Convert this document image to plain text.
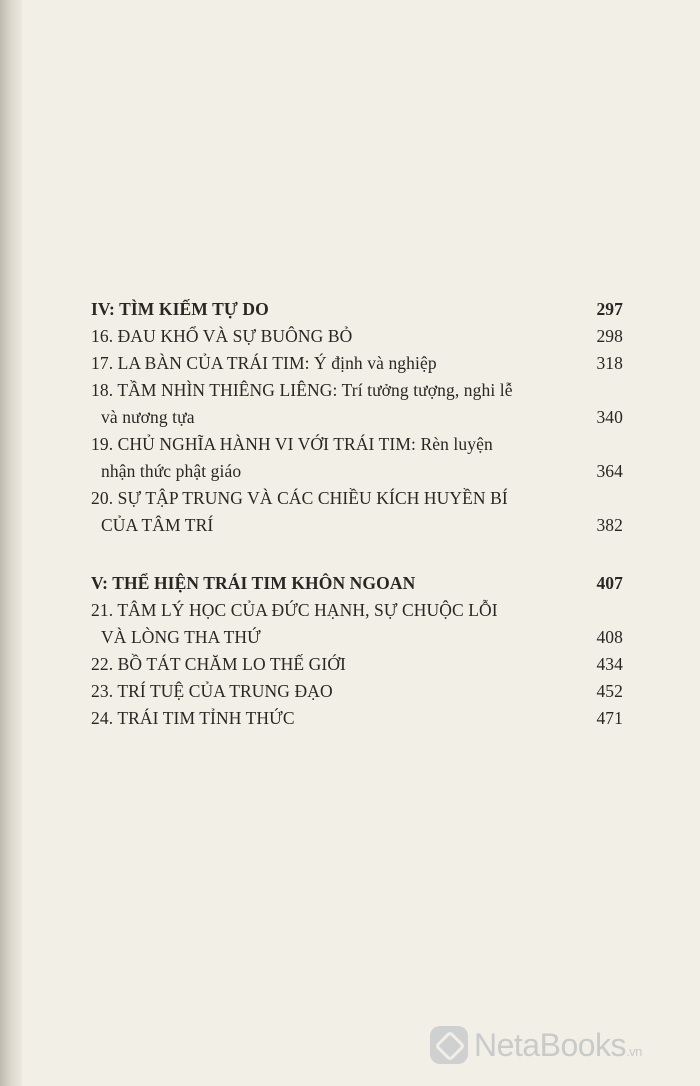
IV: TÌM KIẾM TỰ DO	297
16. ĐAU KHỔ VÀ SỰ BUÔNG BỎ	298
17. LA BÀN CỦA TRÁI TIM: Ý định và nghiệp	318
18. TẦM NHÌN THIÊNG LIÊNG: Trí tưởng tượng, nghi lễ
và nương tựa	340
19. CHỦ NGHĨA HÀNH VI VỚI TRÁI TIM: Rèn luyện
nhận thức phật giáo	364
20. SỰ TẬP TRUNG VÀ CÁC CHIỀU KÍCH HUYỀN BÍ
CỦA TÂM TRÍ	382
V: THỂ HIỆN TRÁI TIM KHÔN NGOAN	407
21. TÂM LÝ HỌC CỦA ĐỨC HẠNH, SỰ CHUỘC LỖI
VÀ LÒNG THA THỨ	408
22. BỒ TÁT CHĂM LO THẾ GIỚI	434
23. TRÍ TUỆ CỦA TRUNG ĐẠO	452
24. TRÁI TIM TỈNH THỨC	471
NetaBooks.vn
